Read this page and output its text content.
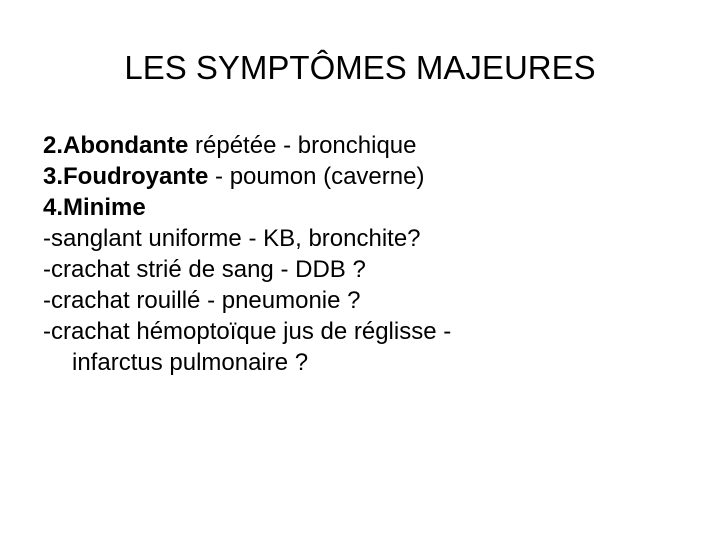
LES SYMPTÔMES MAJEURES
2.Abondante répétée - bronchique
3.Foudroyante - poumon (caverne)
4.Minime
-sanglant uniforme - KB, bronchite?
-crachat strié de sang - DDB ?
-crachat rouillé - pneumonie ?
-crachat hémoptoïque jus de réglisse -
infarctus pulmonaire ?
